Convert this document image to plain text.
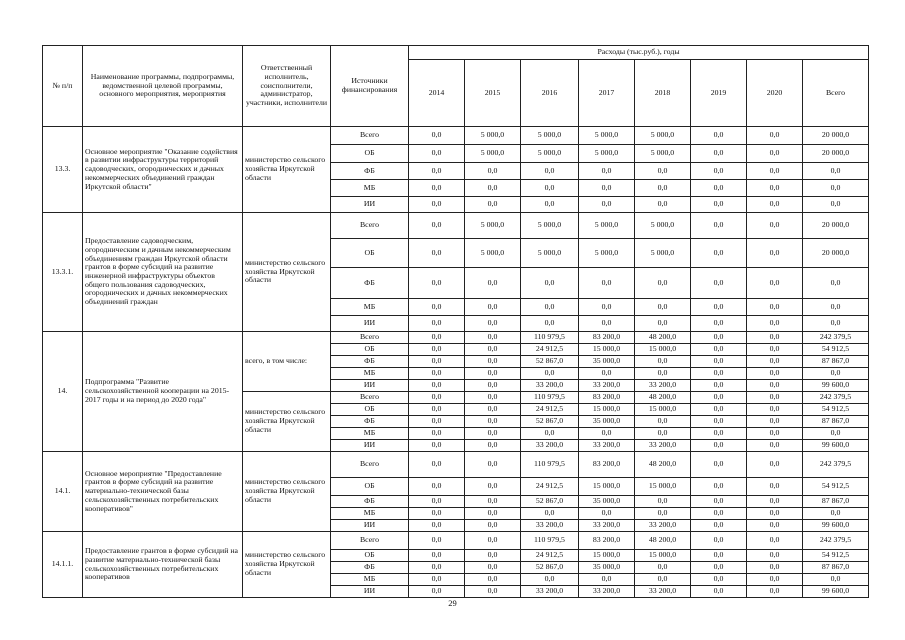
№ п/п	Наименование программы, подпрограммы, ведомственной целевой программы, основного мероприятия, мероприятия	Ответственный исполнитель, соисполнители, администратор, участники, исполнители	Источники финансирования	Расходы (тыс.руб.), годы							
				2014	2015	2016	2017	2018	2019	2020	Всего
13.3.	Основное мероприятие "Оказание содействия в развитии инфраструктуры территорий садоводческих, огороднических и дачных некоммерческих объединений граждан Иркутской области"	министерство сельского хозяйства Иркутской области	Всего	0,0	5 000,0	5 000,0	5 000,0	5 000,0	0,0	0,0	20 000,0
			ОБ	0,0	5 000,0	5 000,0	5 000,0	5 000,0	0,0	0,0	20 000,0
			ФБ	0,0	0,0	0,0	0,0	0,0	0,0	0,0	0,0
			МБ	0,0	0,0	0,0	0,0	0,0	0,0	0,0	0,0
			ИИ	0,0	0,0	0,0	0,0	0,0	0,0	0,0	0,0
13.3.1.	Предоставление садоводческим, огородническим и дачным некоммерческим объединениям граждан Иркутской области грантов в форме субсидий на развитие инженерной инфраструктуры объектов общего пользования садоводческих, огороднических и дачных некоммерческих объединений граждан	министерство сельского хозяйства Иркутской области	Всего	0,0	5 000,0	5 000,0	5 000,0	5 000,0	0,0	0,0	20 000,0
			ОБ	0,0	5 000,0	5 000,0	5 000,0	5 000,0	0,0	0,0	20 000,0
			ФБ	0,0	0,0	0,0	0,0	0,0	0,0	0,0	0,0
			МБ	0,0	0,0	0,0	0,0	0,0	0,0	0,0	0,0
			ИИ	0,0	0,0	0,0	0,0	0,0	0,0	0,0	0,0
14.	Подпрограмма "Развитие сельскохозяйственной кооперации на 2015-2017 годы и на период до 2020 года"	всего, в том числе:	Всего	0,0	0,0	110 979,5	83 200,0	48 200,0	0,0	0,0	242 379,5
			ОБ	0,0	0,0	24 912,5	15 000,0	15 000,0	0,0	0,0	54 912,5
			ФБ	0,0	0,0	52 867,0	35 000,0	0,0	0,0	0,0	87 867,0
			МБ	0,0	0,0	0,0	0,0	0,0	0,0	0,0	0,0
			ИИ	0,0	0,0	33 200,0	33 200,0	33 200,0	0,0	0,0	99 600,0
		министерство сельского хозяйства Иркутской области	Всего	0,0	0,0	110 979,5	83 200,0	48 200,0	0,0	0,0	242 379,5
			ОБ	0,0	0,0	24 912,5	15 000,0	15 000,0	0,0	0,0	54 912,5
			ФБ	0,0	0,0	52 867,0	35 000,0	0,0	0,0	0,0	87 867,0
			МБ	0,0	0,0	0,0	0,0	0,0	0,0	0,0	0,0
			ИИ	0,0	0,0	33 200,0	33 200,0	33 200,0	0,0	0,0	99 600,0
14.1.	Основное мероприятие "Предоставление грантов в форме субсидий на развитие материально-технической базы сельскохозяйственных потребительских кооперативов"	министерство сельского хозяйства Иркутской области	Всего	0,0	0,0	110 979,5	83 200,0	48 200,0	0,0	0,0	242 379,5
			ОБ	0,0	0,0	24 912,5	15 000,0	15 000,0	0,0	0,0	54 912,5
			ФБ	0,0	0,0	52 867,0	35 000,0	0,0	0,0	0,0	87 867,0
			МБ	0,0	0,0	0,0	0,0	0,0	0,0	0,0	0,0
			ИИ	0,0	0,0	33 200,0	33 200,0	33 200,0	0,0	0,0	99 600,0
14.1.1.	Предоставление грантов в форме субсидий на развитие материально-технической базы сельскохозяйственных потребительских кооперативов	министерство сельского хозяйства Иркутской области	Всего	0,0	0,0	110 979,5	83 200,0	48 200,0	0,0	0,0	242 379,5
			ОБ	0,0	0,0	24 912,5	15 000,0	15 000,0	0,0	0,0	54 912,5
			ФБ	0,0	0,0	52 867,0	35 000,0	0,0	0,0	0,0	87 867,0
			МБ	0,0	0,0	0,0	0,0	0,0	0,0	0,0	0,0
			ИИ	0,0	0,0	33 200,0	33 200,0	33 200,0	0,0	0,0	99 600,0
29
